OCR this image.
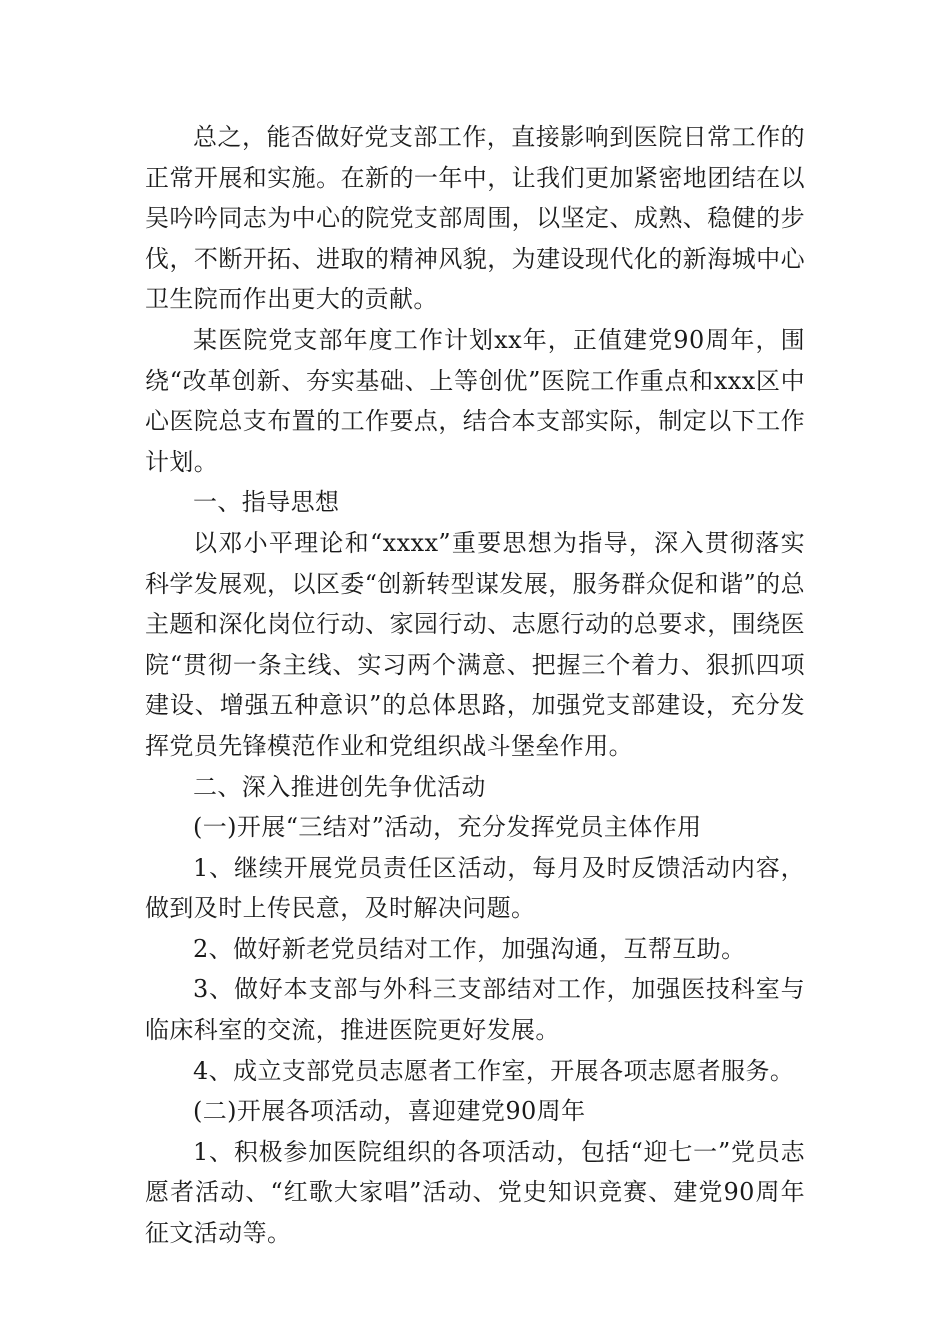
总之，能否做好党支部工作，直接影响到医院日常工作的正常开展和实施。在新的一年中，让我们更加紧密地团结在以吴吟吟同志为中心的院党支部周围，以坚定、成熟、稳健的步伐，不断开拓、进取的精神风貌，为建设现代化的新海城中心卫生院而作出更大的贡献。

某医院党支部年度工作计划xx年，正值建党90周年，围绕“改革创新、夯实基础、上等创优”医院工作重点和xxx区中心医院总支布置的工作要点，结合本支部实际，制定以下工作计划。

一、指导思想

以邓小平理论和“xxxx”重要思想为指导，深入贯彻落实科学发展观，以区委“创新转型谋发展，服务群众促和谐”的总主题和深化岗位行动、家园行动、志愿行动的总要求，围绕医院“贯彻一条主线、实习两个满意、把握三个着力、狠抓四项建设、增强五种意识”的总体思路，加强党支部建设，充分发挥党员先锋模范作业和党组织战斗堡垒作用。

二、深入推进创先争优活动

(一)开展“三结对”活动，充分发挥党员主体作用

1、继续开展党员责任区活动，每月及时反馈活动内容，做到及时上传民意，及时解决问题。

2、做好新老党员结对工作，加强沟通，互帮互助。

3、做好本支部与外科三支部结对工作，加强医技科室与临床科室的交流，推进医院更好发展。

4、成立支部党员志愿者工作室，开展各项志愿者服务。

(二)开展各项活动，喜迎建党90周年

1、积极参加医院组织的各项活动，包括“迎七一”党员志愿者活动、“红歌大家唱”活动、党史知识竞赛、建党90周年征文活动等。
